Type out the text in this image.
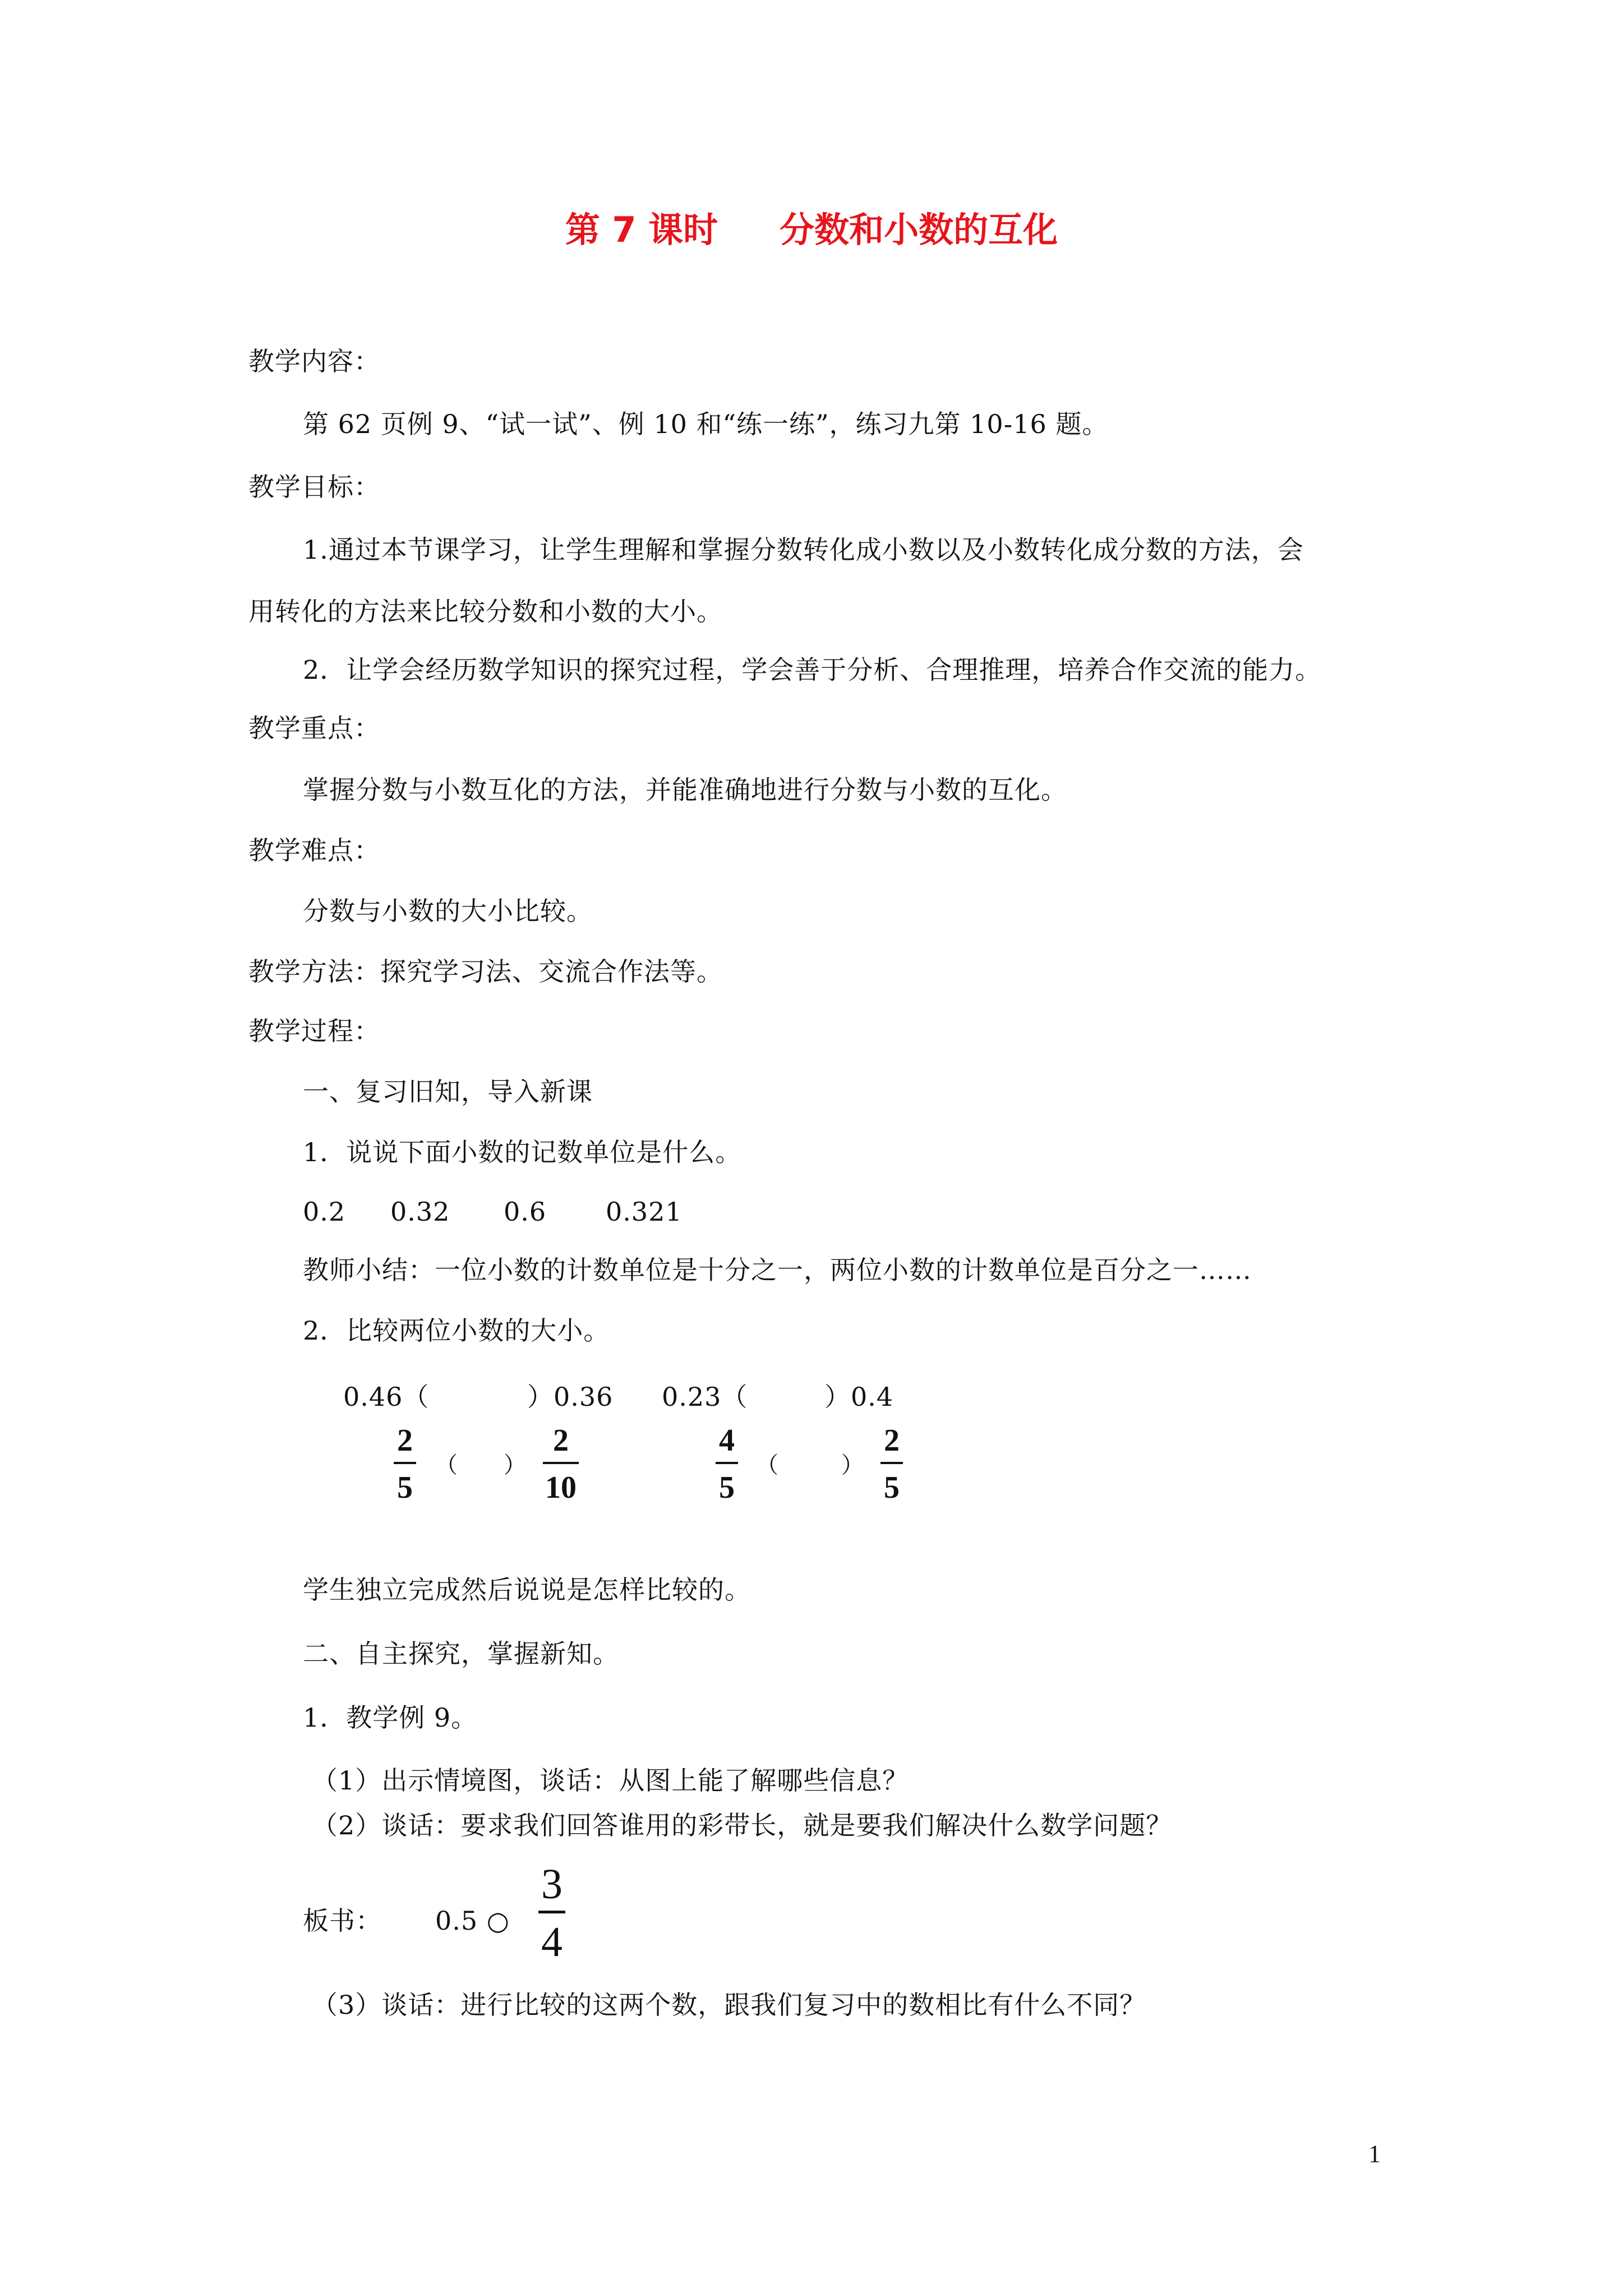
第 7 课时 分数和小数的互化
教学内容：
第 62 页例 9、“试一试”、例 10 和“练一练”，练习九第 10-16 题。
教学目标：
1.通过本节课学习，让学生理解和掌握分数转化成小数以及小数转化成分数的方法，会
用转化的方法来比较分数和小数的大小。
2．让学会经历数学知识的探究过程，学会善于分析、合理推理，培养合作交流的能力。
教学重点：
掌握分数与小数互化的方法，并能准确地进行分数与小数的互化。
教学难点：
分数与小数的大小比较。
教学方法：探究学习法、交流合作法等。
教学过程：
一、复习旧知，导入新课
1．说说下面小数的记数单位是什么。
0.2 0.32 0.6 0.321
教师小结：一位小数的计数单位是十分之一，两位小数的计数单位是百分之一……
2．比较两位小数的大小。
0.46（	）0.36 0.23（	）0.4
2
5
（ ）
2
10
4
5
（	）
2
5
学生独立完成然后说说是怎样比较的。
二、自主探究，掌握新知。
1．教学例 9。
（1）出示情境图，谈话：从图上能了解哪些信息？
（2）谈话：要求我们回答谁用的彩带长，就是要我们解决什么数学问题？
板书： 0.5 ○
3
4
（3）谈话：进行比较的这两个数，跟我们复习中的数相比有什么不同？
1
